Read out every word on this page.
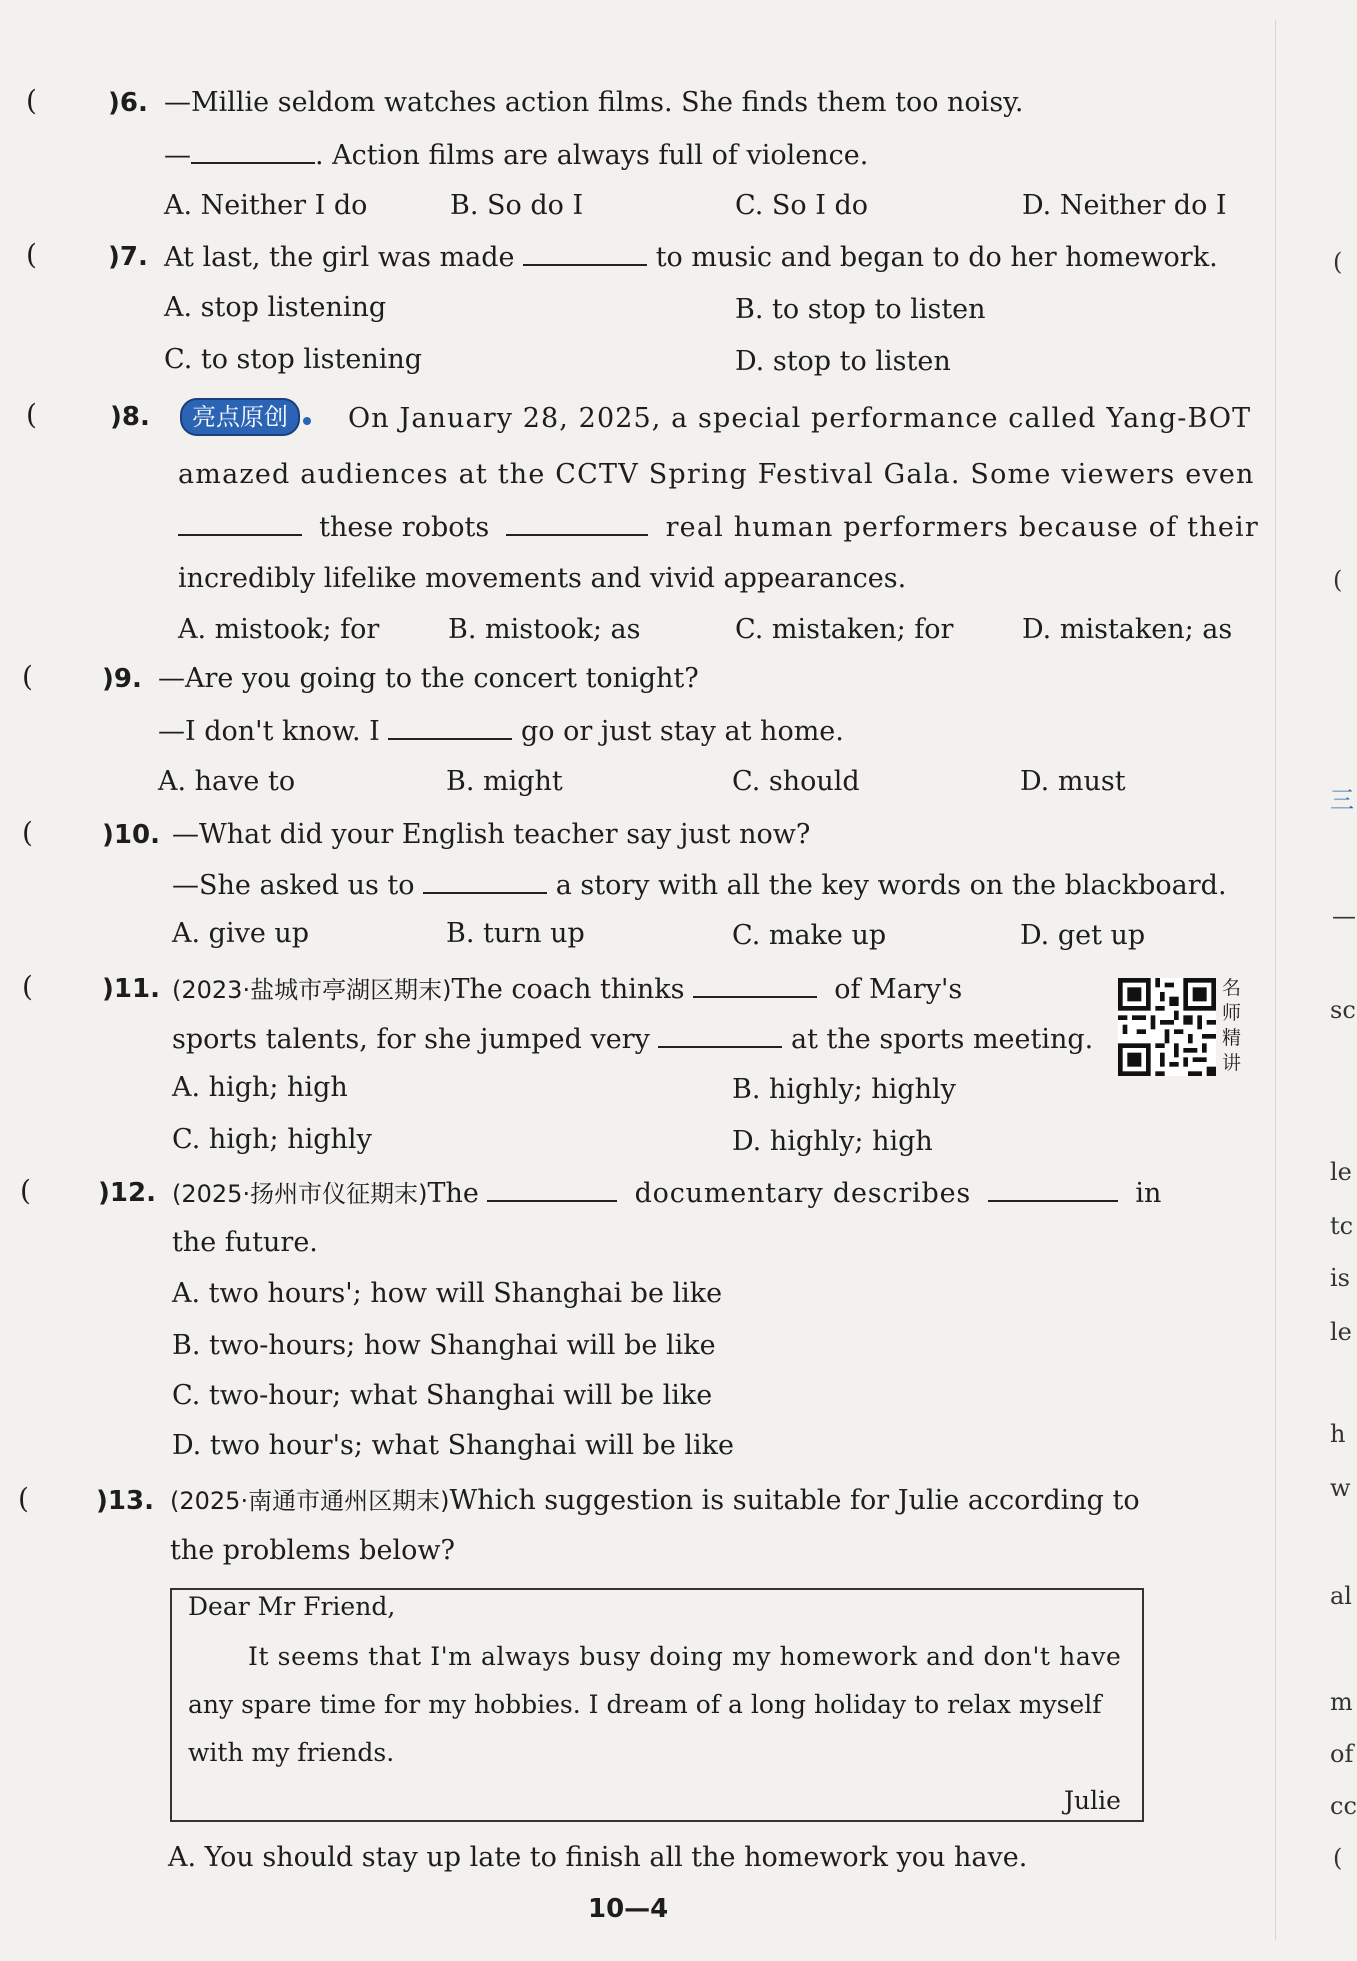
(	)6. —Millie seldom watches action films. She finds them too noisy.
—	. Action films are always full of violence.
A. Neither I do	B. So do I	C. So I do	D. Neither do I
(	)7. At last, the girl was made	to music and began to do her homework.
A. stop listening	B. to stop to listen
C. to stop listening	D. stop to listen
(	)8.	亮点原创	On January 28, 2025, a special performance called Yang-BOT
amazed audiences at the CCTV Spring Festival Gala. Some viewers even
these robots	real human performers because of their
incredibly lifelike movements and vivid appearances.
A. mistook; for	B. mistook; as	C. mistaken; for	D. mistaken; as
(	)9. —Are you going to the concert tonight?
—I don't know. I	go or just stay at home.
A. have to	B. might	C. should	D. must
(	)10. —What did your English teacher say just now?
—She asked us to	a story with all the key words on the blackboard.
A. give up	B. turn up	C. make up	D. get up
(	)11. (2023·盐城市亭湖区期末)The coach thinks	of Mary's
sports talents, for she jumped very	at the sports meeting.
名师精讲
A. high; high	B. highly; highly
C. high; highly	D. highly; high
(	)12. (2025·扬州市仪征期末)The	documentary describes	in
the future.
A. two hours'; how will Shanghai be like
B. two-hours; how Shanghai will be like
C. two-hour; what Shanghai will be like
D. two hour's; what Shanghai will be like
(	)13. (2025·南通市通州区期末)Which suggestion is suitable for Julie according to
the problems below?
Dear Mr Friend,
It seems that I'm always busy doing my homework and don't have
any spare time for my hobbies. I dream of a long holiday to relax myself
with my friends.
Julie
A. You should stay up late to finish all the homework you have.
10—4
(
(
三
—
sc
le
tc
is
le
h
w
al
m
of
cc
(
